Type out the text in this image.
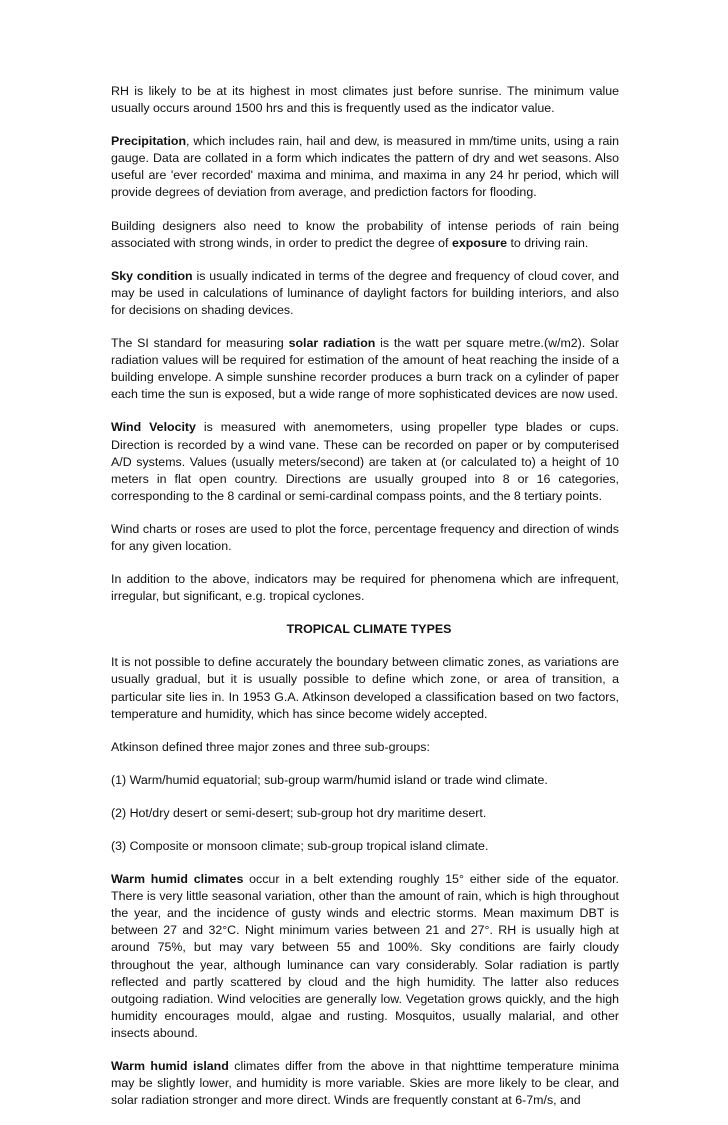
RH is likely to be at its highest in most climates just before sunrise. The minimum value usually occurs around 1500 hrs and this is frequently used as the indicator value.

Precipitation, which includes rain, hail and dew, is measured in mm/time units, using a rain gauge. Data are collated in a form which indicates the pattern of dry and wet seasons. Also useful are 'ever recorded' maxima and minima, and maxima in any 24 hr period, which will provide degrees of deviation from average, and prediction factors for flooding.

Building designers also need to know the probability of intense periods of rain being associated with strong winds, in order to predict the degree of exposure to driving rain.

Sky condition is usually indicated in terms of the degree and frequency of cloud cover, and may be used in calculations of luminance of daylight factors for building interiors, and also for decisions on shading devices.

The SI standard for measuring solar radiation is the watt per square metre.(w/m2). Solar radiation values will be required for estimation of the amount of heat reaching the inside of a building envelope. A simple sunshine recorder produces a burn track on a cylinder of paper each time the sun is exposed, but a wide range of more sophisticated devices are now used.

Wind Velocity is measured with anemometers, using propeller type blades or cups. Direction is recorded by a wind vane. These can be recorded on paper or by computerised A/D systems. Values (usually meters/second) are taken at (or calculated to) a height of 10 meters in flat open country. Directions are usually grouped into 8 or 16 categories, corresponding to the 8 cardinal or semi-cardinal compass points, and the 8 tertiary points.

Wind charts or roses are used to plot the force, percentage frequency and direction of winds for any given location.

In addition to the above, indicators may be required for phenomena which are infrequent, irregular, but significant, e.g. tropical cyclones.

TROPICAL CLIMATE TYPES

It is not possible to define accurately the boundary between climatic zones, as variations are usually gradual, but it is usually possible to define which zone, or area of transition, a particular site lies in. In 1953 G.A. Atkinson developed a classification based on two factors, temperature and humidity, which has since become widely accepted.

Atkinson defined three major zones and three sub-groups:

(1) Warm/humid equatorial; sub-group warm/humid island or trade wind climate.

(2) Hot/dry desert or semi-desert; sub-group hot dry maritime desert.

(3) Composite or monsoon climate; sub-group tropical island climate.

Warm humid climates occur in a belt extending roughly 15° either side of the equator. There is very little seasonal variation, other than the amount of rain, which is high throughout the year, and the incidence of gusty winds and electric storms. Mean maximum DBT is between 27 and 32°C. Night minimum varies between 21 and 27°. RH is usually high at around 75%, but may vary between 55 and 100%. Sky conditions are fairly cloudy throughout the year, although luminance can vary considerably. Solar radiation is partly reflected and partly scattered by cloud and the high humidity. The latter also reduces outgoing radiation. Wind velocities are generally low. Vegetation grows quickly, and the high humidity encourages mould, algae and rusting. Mosquitos, usually malarial, and other insects abound.

Warm humid island climates differ from the above in that nighttime temperature minima may be slightly lower, and humidity is more variable. Skies are more likely to be clear, and solar radiation stronger and more direct. Winds are frequently constant at 6-7m/s, and
